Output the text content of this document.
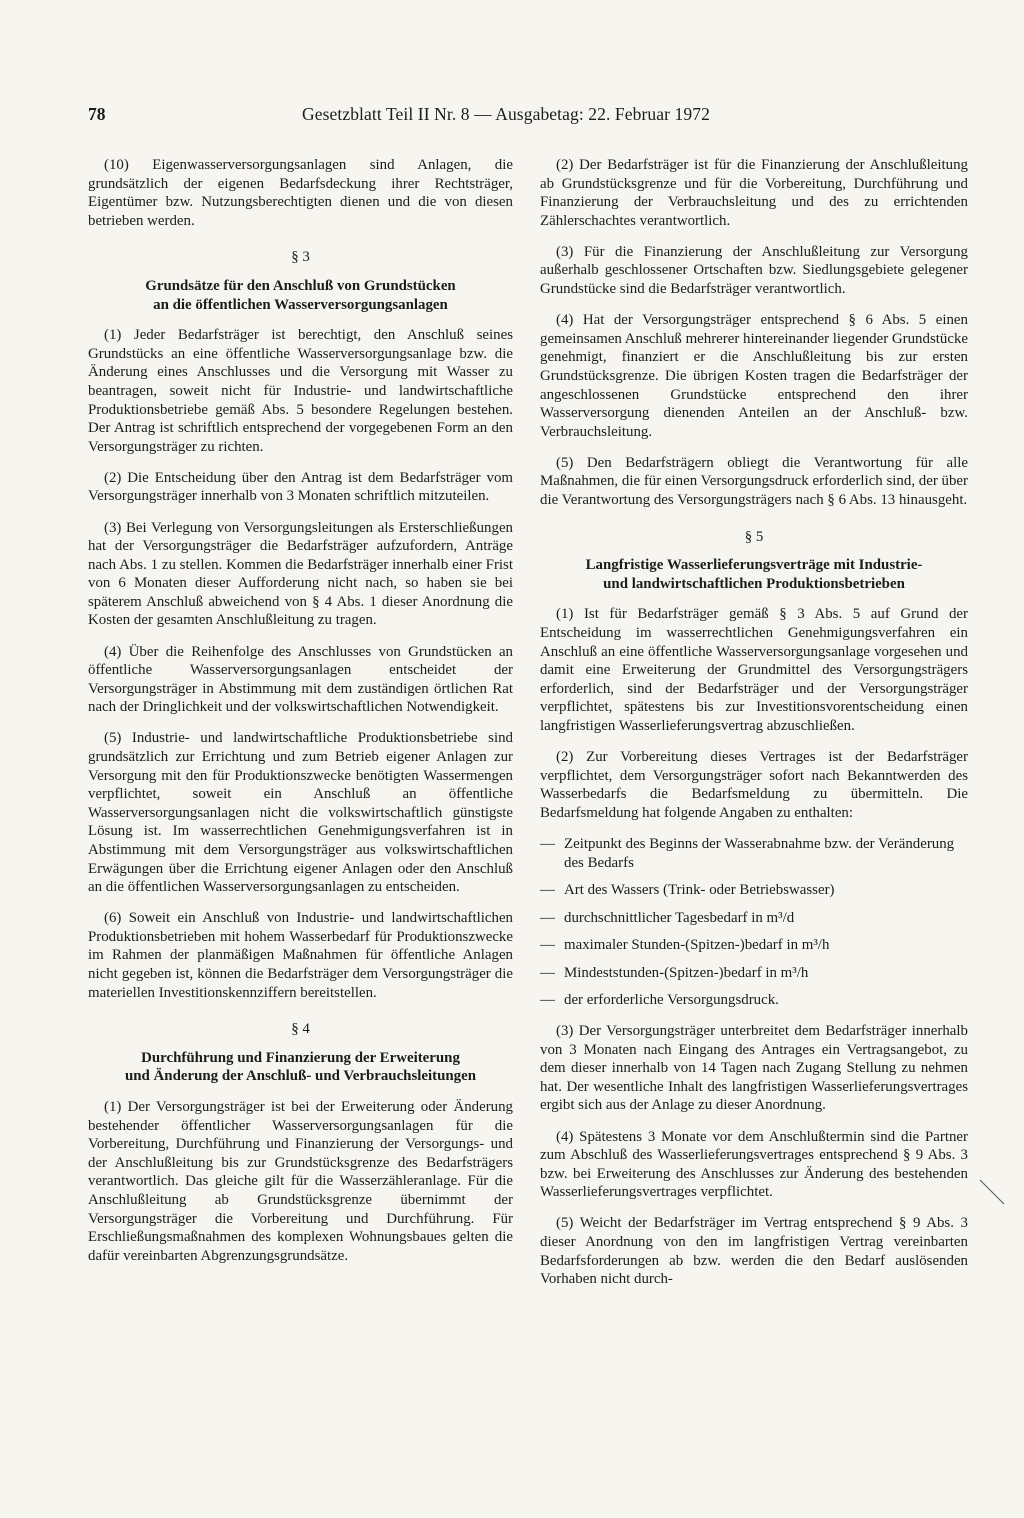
78	Gesetzblatt Teil II Nr. 8 — Ausgabetag: 22. Februar 1972

(10) Eigenwasserversorgungsanlagen sind Anlagen, die grundsätzlich der eigenen Bedarfsdeckung ihrer Rechtsträger, Eigentümer bzw. Nutzungsberechtigten dienen und die von diesen betrieben werden.

§ 3
Grundsätze für den Anschluß von Grundstücken
an die öffentlichen Wasserversorgungsanlagen

(1) Jeder Bedarfsträger ist berechtigt, den Anschluß seines Grundstücks an eine öffentliche Wasserversorgungsanlage bzw. die Änderung eines Anschlusses und die Versorgung mit Wasser zu beantragen, soweit nicht für Industrie- und landwirtschaftliche Produktionsbetriebe gemäß Abs. 5 besondere Regelungen bestehen. Der Antrag ist schriftlich entsprechend der vorgegebenen Form an den Versorgungsträger zu richten.

(2) Die Entscheidung über den Antrag ist dem Bedarfsträger vom Versorgungsträger innerhalb von 3 Monaten schriftlich mitzuteilen.

(3) Bei Verlegung von Versorgungsleitungen als Ersterschließungen hat der Versorgungsträger die Bedarfsträger aufzufordern, Anträge nach Abs. 1 zu stellen. Kommen die Bedarfsträger innerhalb einer Frist von 6 Monaten dieser Aufforderung nicht nach, so haben sie bei späterem Anschluß abweichend von § 4 Abs. 1 dieser Anordnung die Kosten der gesamten Anschlußleitung zu tragen.

(4) Über die Reihenfolge des Anschlusses von Grundstücken an öffentliche Wasserversorgungsanlagen entscheidet der Versorgungsträger in Abstimmung mit dem zuständigen örtlichen Rat nach der Dringlichkeit und der volkswirtschaftlichen Notwendigkeit.

(5) Industrie- und landwirtschaftliche Produktionsbetriebe sind grundsätzlich zur Errichtung und zum Betrieb eigener Anlagen zur Versorgung mit den für Produktionszwecke benötigten Wassermengen verpflichtet, soweit ein Anschluß an öffentliche Wasserversorgungsanlagen nicht die volkswirtschaftlich günstigste Lösung ist. Im wasserrechtlichen Genehmigungsverfahren ist in Abstimmung mit dem Versorgungsträger aus volkswirtschaftlichen Erwägungen über die Errichtung eigener Anlagen oder den Anschluß an die öffentlichen Wasserversorgungsanlagen zu entscheiden.

(6) Soweit ein Anschluß von Industrie- und landwirtschaftlichen Produktionsbetrieben mit hohem Wasserbedarf für Produktionszwecke im Rahmen der planmäßigen Maßnahmen für öffentliche Anlagen nicht gegeben ist, können die Bedarfsträger dem Versorgungsträger die materiellen Investitionskennziffern bereitstellen.

§ 4
Durchführung und Finanzierung der Erweiterung
und Änderung der Anschluß- und Verbrauchsleitungen

(1) Der Versorgungsträger ist bei der Erweiterung oder Änderung bestehender öffentlicher Wasserversorgungsanlagen für die Vorbereitung, Durchführung und Finanzierung der Versorgungs- und der Anschlußleitung bis zur Grundstücksgrenze des Bedarfsträgers verantwortlich. Das gleiche gilt für die Wasserzähleranlage. Für die Anschlußleitung ab Grundstücksgrenze übernimmt der Versorgungsträger die Vorbereitung und Durchführung. Für Erschließungsmaßnahmen des komplexen Wohnungsbaues gelten die dafür vereinbarten Abgrenzungsgrundsätze.

(2) Der Bedarfsträger ist für die Finanzierung der Anschlußleitung ab Grundstücksgrenze und für die Vorbereitung, Durchführung und Finanzierung der Verbrauchsleitung und des zu errichtenden Zählerschachtes verantwortlich.

(3) Für die Finanzierung der Anschlußleitung zur Versorgung außerhalb geschlossener Ortschaften bzw. Siedlungsgebiete gelegener Grundstücke sind die Bedarfsträger verantwortlich.

(4) Hat der Versorgungsträger entsprechend § 6 Abs. 5 einen gemeinsamen Anschluß mehrerer hintereinander liegender Grundstücke genehmigt, finanziert er die Anschlußleitung bis zur ersten Grundstücksgrenze. Die übrigen Kosten tragen die Bedarfsträger der angeschlossenen Grundstücke entsprechend den ihrer Wasserversorgung dienenden Anteilen an der Anschluß- bzw. Verbrauchsleitung.

(5) Den Bedarfsträgern obliegt die Verantwortung für alle Maßnahmen, die für einen Versorgungsdruck erforderlich sind, der über die Verantwortung des Versorgungsträgers nach § 6 Abs. 13 hinausgeht.

§ 5
Langfristige Wasserlieferungsverträge mit Industrie-
und landwirtschaftlichen Produktionsbetrieben

(1) Ist für Bedarfsträger gemäß § 3 Abs. 5 auf Grund der Entscheidung im wasserrechtlichen Genehmigungsverfahren ein Anschluß an eine öffentliche Wasserversorgungsanlage vorgesehen und damit eine Erweiterung der Grundmittel des Versorgungsträgers erforderlich, sind der Bedarfsträger und der Versorgungsträger verpflichtet, spätestens bis zur Investitionsvorentscheidung einen langfristigen Wasserlieferungsvertrag abzuschließen.

(2) Zur Vorbereitung dieses Vertrages ist der Bedarfsträger verpflichtet, dem Versorgungsträger sofort nach Bekanntwerden des Wasserbedarfs die Bedarfsmeldung zu übermitteln. Die Bedarfsmeldung hat folgende Angaben zu enthalten:

— Zeitpunkt des Beginns der Wasserabnahme bzw. der Veränderung des Bedarfs
— Art des Wassers (Trink- oder Betriebswasser)
— durchschnittlicher Tagesbedarf in m³/d
— maximaler Stunden-(Spitzen-)bedarf in m³/h
— Mindeststunden-(Spitzen-)bedarf in m³/h
— der erforderliche Versorgungsdruck.

(3) Der Versorgungsträger unterbreitet dem Bedarfsträger innerhalb von 3 Monaten nach Eingang des Antrages ein Vertragsangebot, zu dem dieser innerhalb von 14 Tagen nach Zugang Stellung zu nehmen hat. Der wesentliche Inhalt des langfristigen Wasserlieferungsvertrages ergibt sich aus der Anlage zu dieser Anordnung.

(4) Spätestens 3 Monate vor dem Anschlußtermin sind die Partner zum Abschluß des Wasserlieferungsvertrages entsprechend § 9 Abs. 3 bzw. bei Erweiterung des Anschlusses zur Änderung des bestehenden Wasserlieferungsvertrages verpflichtet.

(5) Weicht der Bedarfsträger im Vertrag entsprechend § 9 Abs. 3 dieser Anordnung von den im langfristigen Vertrag vereinbarten Bedarfsforderungen ab bzw. werden die den Bedarf auslösenden Vorhaben nicht durch-
